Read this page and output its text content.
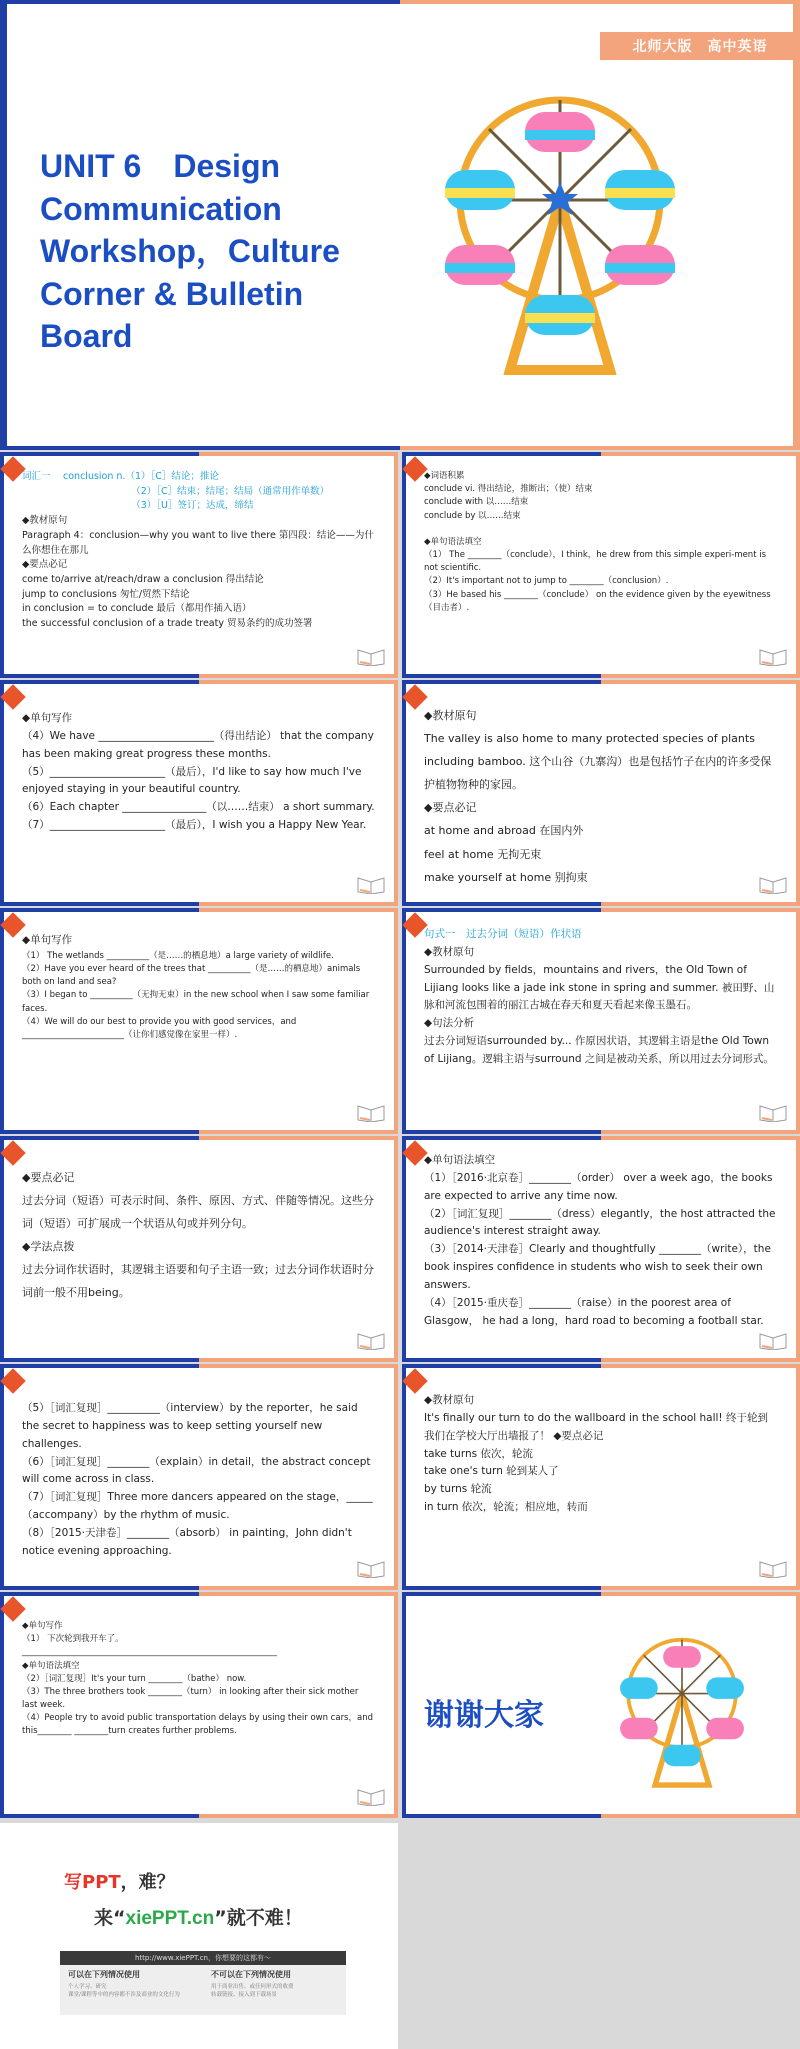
北师大版　高中英语
UNIT 6　Design Communication Workshop，Culture Corner & Bulletin Board
词汇一　 conclusion n.（1）［C］结论；推论
　　　　　　　　　　　　（2）［C］结束；结尾；结局（通常用作单数）
　　　　　　　　　　　　（3）［U］签订；达成，缔结
◆教材原句
Paragraph 4：conclusion—why you want to live there 第四段：结论——为什么你想住在那儿
◆要点必记
come to/arrive at/reach/draw a conclusion 得出结论
jump to conclusions 匆忙/贸然下结论
in conclusion = to conclude 最后（都用作插入语）
the successful conclusion of a trade treaty 贸易条约的成功签署
◆词语积累
conclude vi. 得出结论，推断出；（使）结束
conclude with 以……结束
conclude by 以……结束

◆单句语法填空
（1） The ________（conclude），I think，he drew from this simple experi-ment is not scientific.
（2）It's important not to jump to ________（conclusion）.
（3）He based his ________（conclude） on the evidence given by the eyewitness（目击者）.
◆单句写作
（4）We have ______________________（得出结论） that the company has been making great progress these months.
（5）______________________（最后），I'd like to say how much I've enjoyed staying in your beautiful country.
（6）Each chapter ________________（以……结束） a short summary.
（7）______________________（最后），I wish you a Happy New Year.
◆教材原句
The valley is also home to many protected species of plants including bamboo. 这个山谷（九寨沟）也是包括竹子在内的许多受保护植物物种的家园。
◆要点必记
at home and abroad 在国内外
feel at home 无拘无束
make yourself at home 别拘束
◆单句写作
（1） The wetlands __________（是……的栖息地）a large variety of wildlife.
（2）Have you ever heard of the trees that __________（是……的栖息地）animals both on land and sea?
（3）I began to __________（无拘无束）in the new school when I saw some familiar faces.
（4）We will do our best to provide you with good services，and ________________________（让你们感觉像在家里一样）.
句式一　过去分词（短语）作状语
◆教材原句
Surrounded by fields，mountains and rivers，the Old Town of Lijiang looks like a jade ink stone in spring and summer. 被田野、山脉和河流包围着的丽江古城在春天和夏天看起来像玉墨石。
◆句法分析
过去分词短语surrounded by... 作原因状语，其逻辑主语是the Old Town of Lijiang。逻辑主语与surround 之间是被动关系，所以用过去分词形式。
◆要点必记
过去分词（短语）可表示时间、条件、原因、方式、伴随等情况。这些分词（短语）可扩展成一个状语从句或并列分句。
◆学法点拨
过去分词作状语时，其逻辑主语要和句子主语一致；过去分词作状语时分词前一般不用being。
◆单句语法填空
（1）［2016·北京卷］________（order） over a week ago，the books are expected to arrive any time now.
（2）［词汇复现］________（dress）elegantly，the host attracted the audience's interest straight away.
（3）［2014·天津卷］Clearly and thoughtfully ________（write），the book inspires confidence in students who wish to seek their own answers.
（4）［2015·重庆卷］________（raise）in the poorest area of Glasgow， he had a long，hard road to becoming a football star.
（5）［词汇复现］__________（interview）by the reporter，he said the secret to happiness was to keep setting yourself new challenges.
（6）［词汇复现］________（explain）in detail，the abstract concept will come across in class.
（7）［词汇复现］Three more dancers appeared on the stage，_____（accompany）by the rhythm of music.
（8）［2015·天津卷］________（absorb） in painting，John didn't notice evening approaching.
◆教材原句
It's finally our turn to do the wallboard in the school hall! 终于轮到我们在学校大厅出墙报了！ ◆要点必记
take turns 依次，轮流
take one's turn 轮到某人了
by turns 轮流
in turn 依次，轮流；相应地，转而
◆单句写作
（1） 下次轮到我开车了。
____________________________________________________________
◆单句语法填空
（2）［词汇复现］It's your turn ________（bathe） now.
（3）The three brothers took ________（turn） in looking after their sick mother last week.
（4）People try to avoid public transportation delays by using their own cars，and this________ ________turn creates further problems.	谢谢大家
写PPT，难？
来“xiePPT.cn”就不难！
http://www.xiePPT.cn，你想要的这都有～
可以在下列情况使用
个人学习、研究
课堂/课程等中的内容都不涉及商业的文化行为
不可以在下列情况使用
用于商业出售、或任何形式的收费
转载链接、接入到下载场景
